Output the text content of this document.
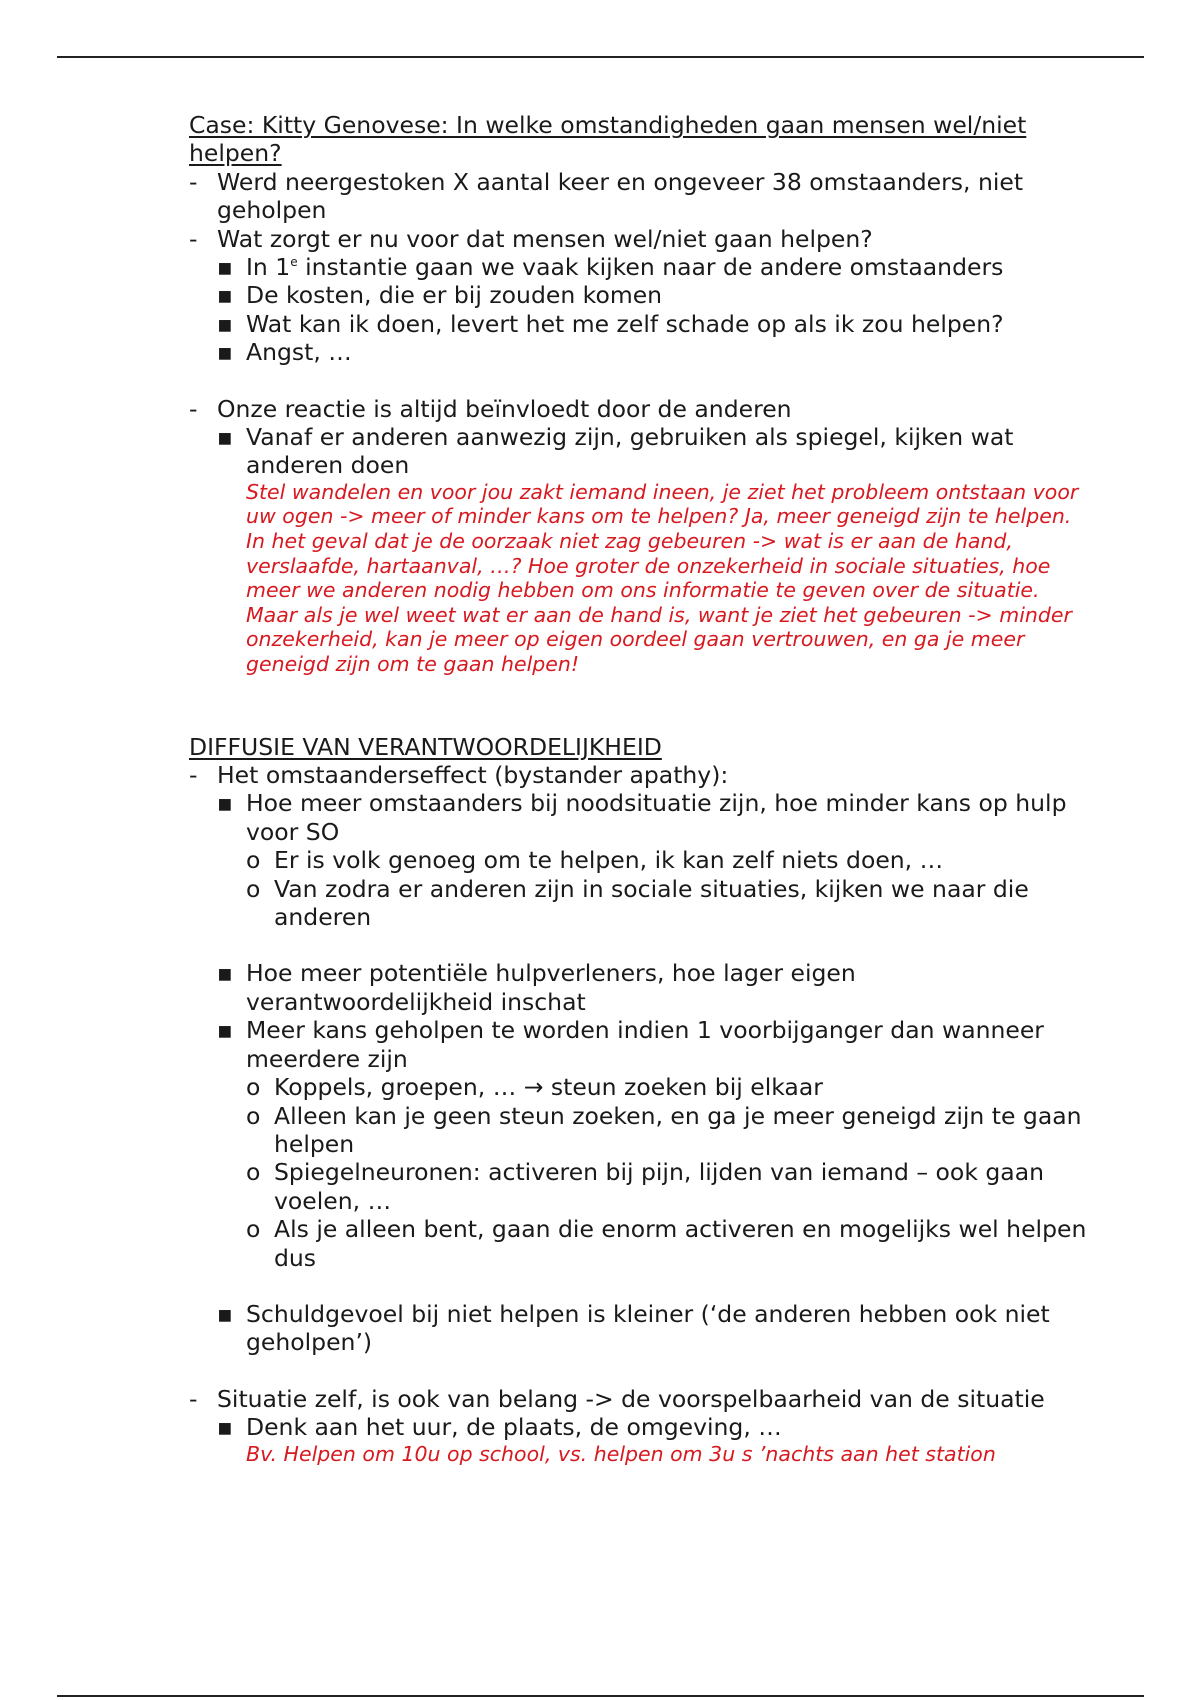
Case: Kitty Genovese: In welke omstandigheden gaan mensen wel/niet helpen?
- Werd neergestoken X aantal keer en ongeveer 38 omstaanders, niet geholpen
- Wat zorgt er nu voor dat mensen wel/niet gaan helpen?
▪ In 1e instantie gaan we vaak kijken naar de andere omstaanders
▪ De kosten, die er bij zouden komen
▪ Wat kan ik doen, levert het me zelf schade op als ik zou helpen?
▪ Angst, …
- Onze reactie is altijd beïnvloedt door de anderen
▪ Vanaf er anderen aanwezig zijn, gebruiken als spiegel, kijken wat anderen doen
Stel wandelen en voor jou zakt iemand ineen, je ziet het probleem ontstaan voor uw ogen -> meer of minder kans om te helpen? Ja, meer geneigd zijn te helpen.
In het geval dat je de oorzaak niet zag gebeuren -> wat is er aan de hand, verslaafde, hartaanval, …? Hoe groter de onzekerheid in sociale situaties, hoe meer we anderen nodig hebben om ons informatie te geven over de situatie. Maar als je wel weet wat er aan de hand is, want je ziet het gebeuren -> minder onzekerheid, kan je meer op eigen oordeel gaan vertrouwen, en ga je meer geneigd zijn om te gaan helpen!
DIFFUSIE VAN VERANTWOORDELIJKHEID
- Het omstaanderseffect (bystander apathy):
▪ Hoe meer omstaanders bij noodsituatie zijn, hoe minder kans op hulp voor SO
o Er is volk genoeg om te helpen, ik kan zelf niets doen, …
o Van zodra er anderen zijn in sociale situaties, kijken we naar die anderen
▪ Hoe meer potentiële hulpverleners, hoe lager eigen verantwoordelijkheid inschat
▪ Meer kans geholpen te worden indien 1 voorbijganger dan wanneer meerdere zijn
o Koppels, groepen, … → steun zoeken bij elkaar
o Alleen kan je geen steun zoeken, en ga je meer geneigd zijn te gaan helpen
o Spiegelneuronen: activeren bij pijn, lijden van iemand – ook gaan voelen, …
o Als je alleen bent, gaan die enorm activeren en mogelijks wel helpen dus
▪ Schuldgevoel bij niet helpen is kleiner (‘de anderen hebben ook niet geholpen’)
- Situatie zelf, is ook van belang -> de voorspelbaarheid van de situatie
▪ Denk aan het uur, de plaats, de omgeving, …
Bv. Helpen om 10u op school, vs. helpen om 3u s ’nachts aan het station
